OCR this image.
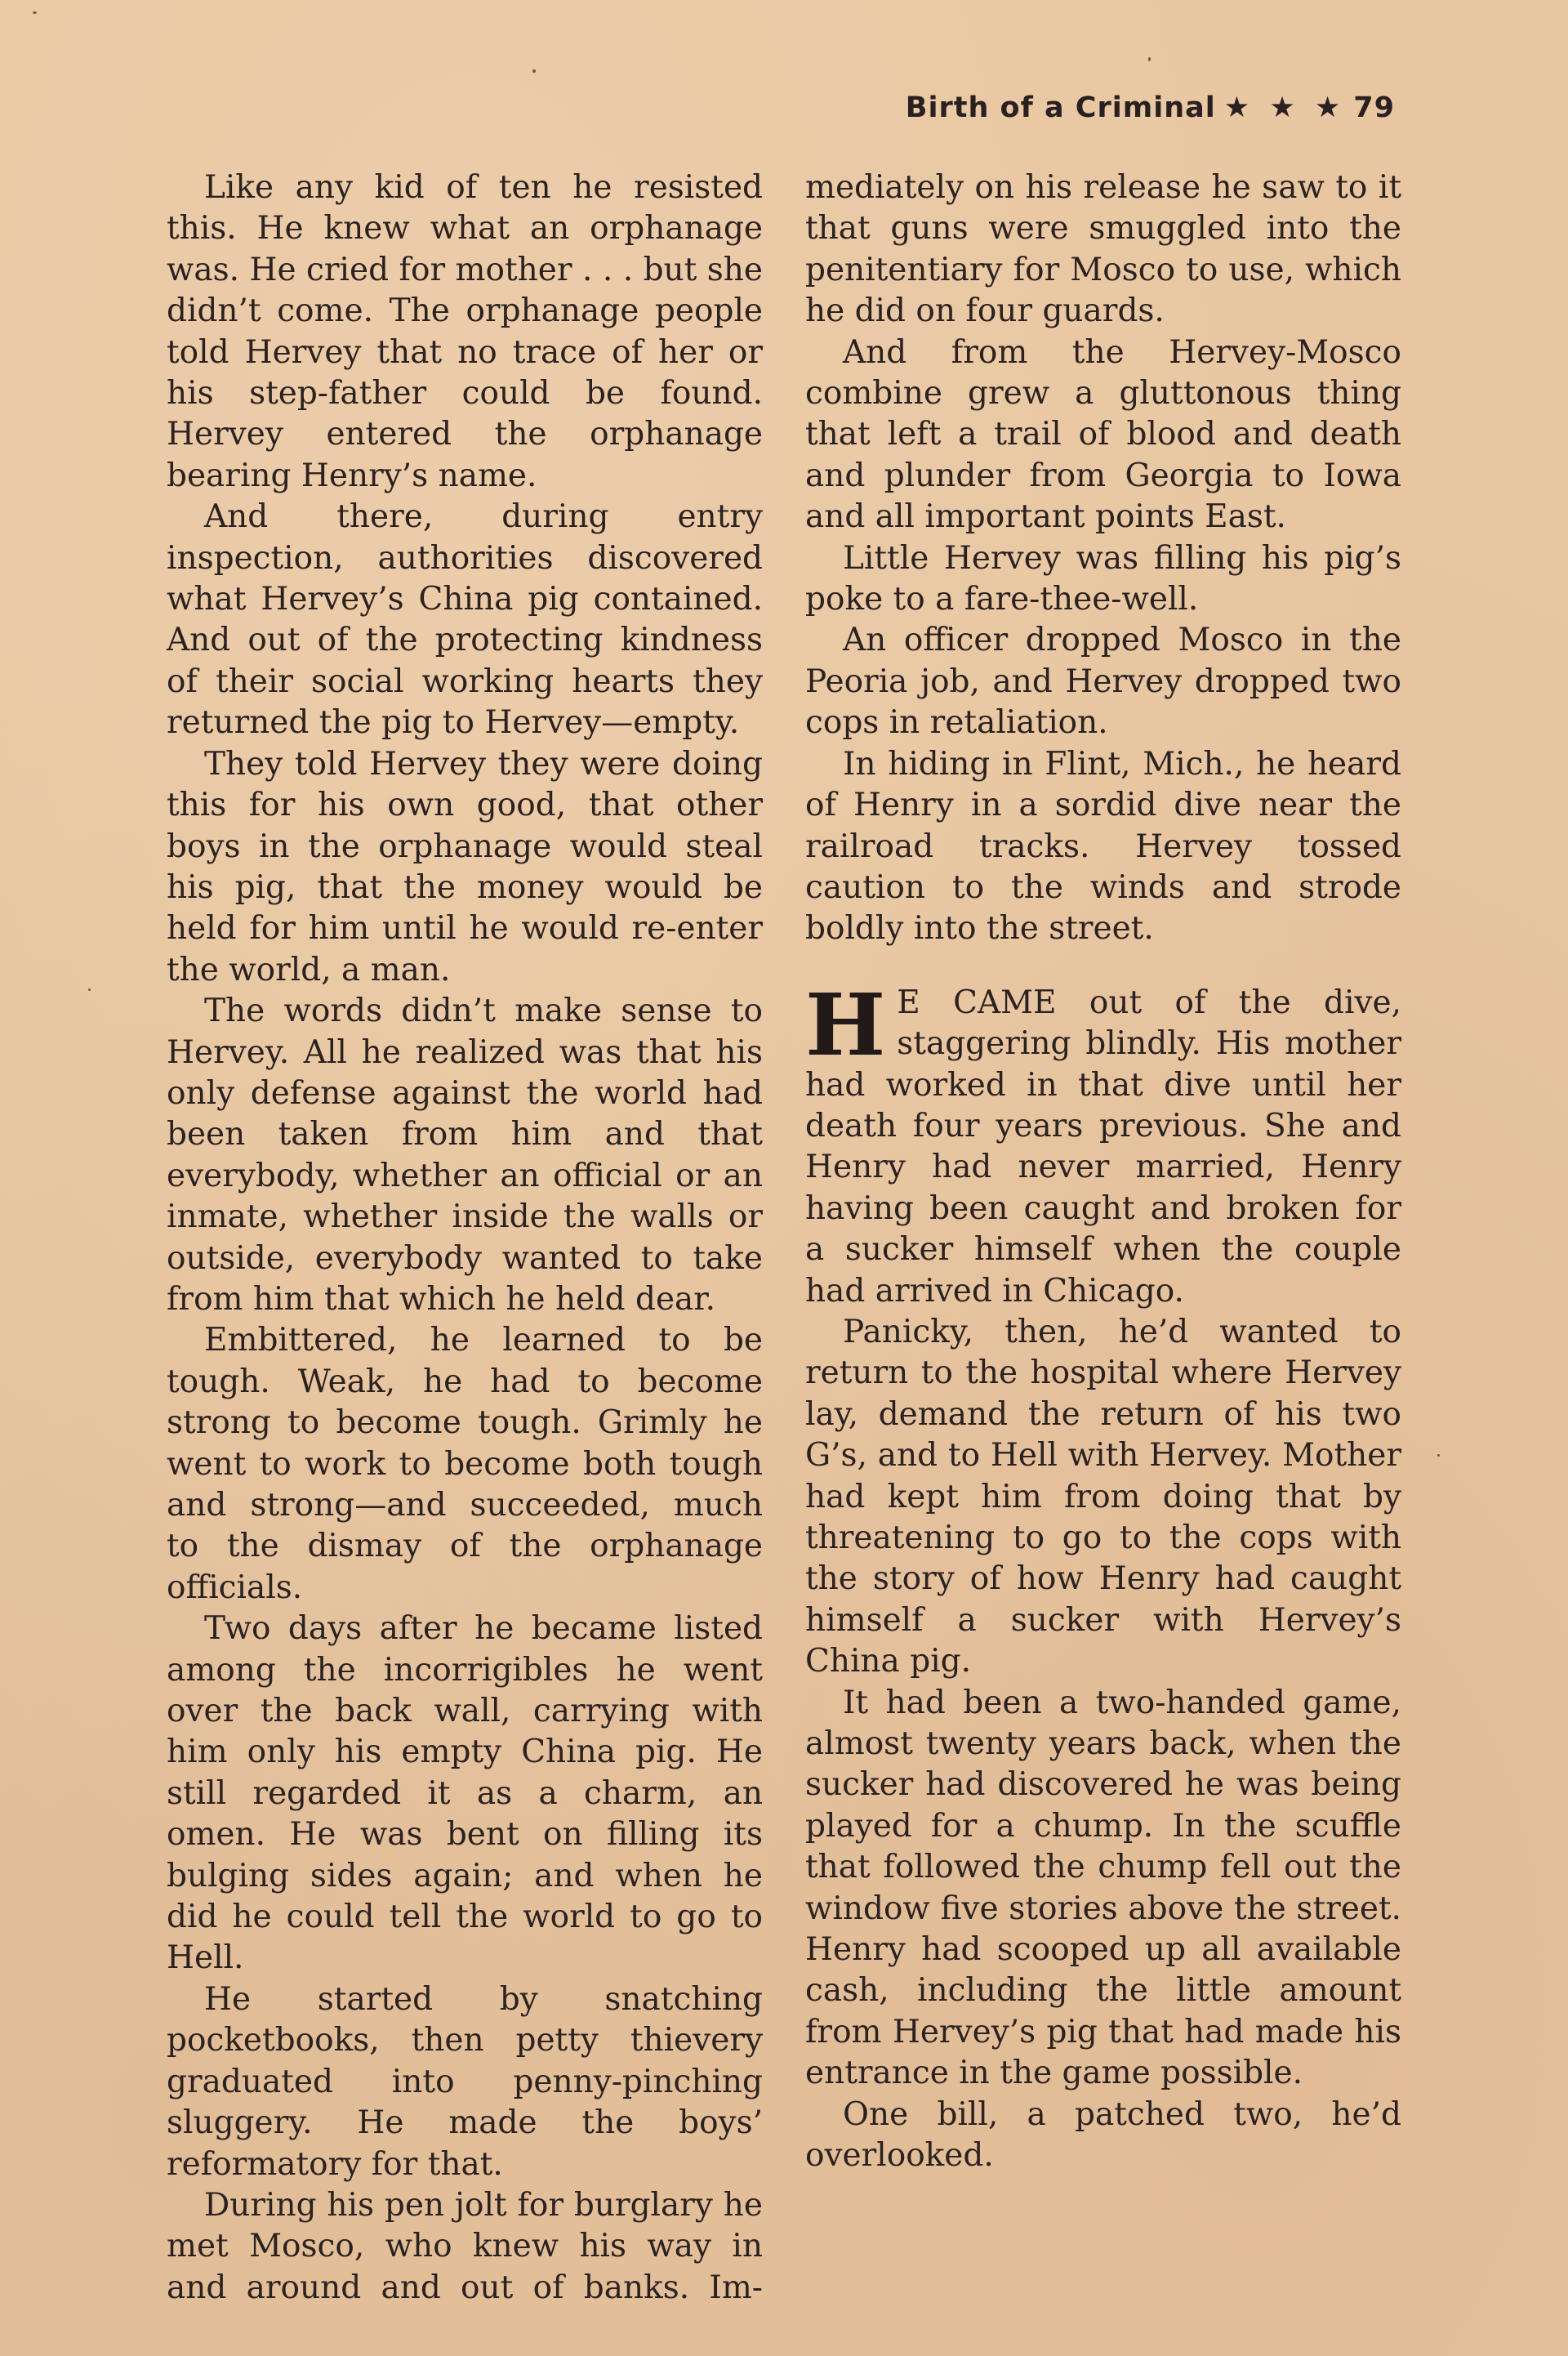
Birth of a Criminal ★ ★ ★ 79

Like any kid of ten he resisted this. He knew what an orphanage was. He cried for mother . . . but she didn’t come. The orphanage people told Hervey that no trace of her or his step-father could be found. Hervey entered the orphanage bearing Henry’s name.

And there, during entry inspection, authorities discovered what Hervey’s China pig contained. And out of the protecting kindness of their social working hearts they returned the pig to Hervey—empty.

They told Hervey they were doing this for his own good, that other boys in the orphanage would steal his pig, that the money would be held for him until he would re-enter the world, a man.

The words didn’t make sense to Hervey. All he realized was that his only defense against the world had been taken from him and that everybody, whether an official or an inmate, whether inside the walls or outside, everybody wanted to take from him that which he held dear.

Embittered, he learned to be tough. Weak, he had to become strong to become tough. Grimly he went to work to become both tough and strong—and succeeded, much to the dismay of the orphanage officials.

Two days after he became listed among the incorrigibles he went over the back wall, carrying with him only his empty China pig. He still regarded it as a charm, an omen. He was bent on filling its bulging sides again; and when he did he could tell the world to go to Hell.

He started by snatching pocketbooks, then petty thievery graduated into penny-pinching sluggery. He made the boys’ reformatory for that.

During his pen jolt for burglary he met Mosco, who knew his way in and around and out of banks. Im-

mediately on his release he saw to it that guns were smuggled into the penitentiary for Mosco to use, which he did on four guards.

And from the Hervey-Mosco combine grew a gluttonous thing that left a trail of blood and death and plunder from Georgia to Iowa and all important points East.

Little Hervey was filling his pig’s poke to a fare-thee-well.

An officer dropped Mosco in the Peoria job, and Hervey dropped two cops in retaliation.

In hiding in Flint, Mich., he heard of Henry in a sordid dive near the railroad tracks. Hervey tossed caution to the winds and strode boldly into the street.

H E CAME out of the dive, staggering blindly. His mother had worked in that dive until her death four years previous. She and Henry had never married, Henry having been caught and broken for a sucker himself when the couple had arrived in Chicago.

Panicky, then, he’d wanted to return to the hospital where Hervey lay, demand the return of his two G’s, and to Hell with Hervey. Mother had kept him from doing that by threatening to go to the cops with the story of how Henry had caught himself a sucker with Hervey’s China pig.

It had been a two-handed game, almost twenty years back, when the sucker had discovered he was being played for a chump. In the scuffle that followed the chump fell out the window five stories above the street. Henry had scooped up all available cash, including the little amount from Hervey’s pig that had made his entrance in the game possible.

One bill, a patched two, he’d overlooked.
